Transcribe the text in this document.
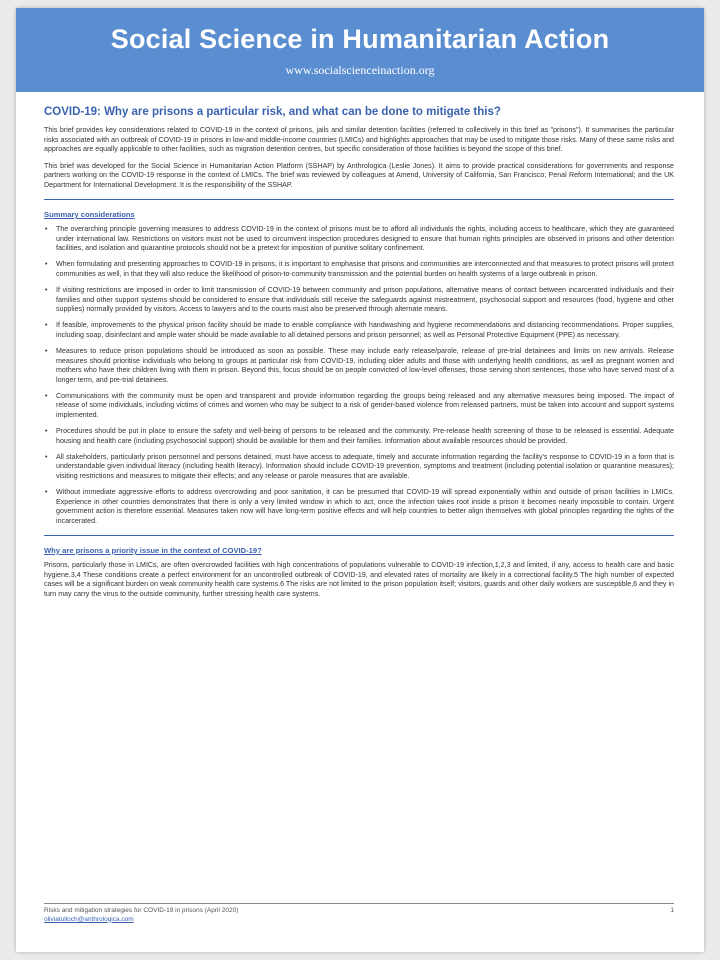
Social Science in Humanitarian Action
www.socialscienceinaction.org
COVID-19: Why are prisons a particular risk, and what can be done to mitigate this?

This brief provides key considerations related to COVID-19 in the context of prisons, jails and similar detention facilities (referred to collectively in this brief as "prisons"). It summarises the particular risks associated with an outbreak of COVID-19 in prisons in low-and middle-income countries (LMICs) and highlights approaches that may be used to mitigate those risks. Many of these same risks and approaches are equally applicable to other facilities, such as migration detention centres, but specific consideration of those facilities is beyond the scope of this brief.

This brief was developed for the Social Science in Humanitarian Action Platform (SSHAP) by Anthrologica (Leslie Jones). It aims to provide practical considerations for governments and response partners working on the COVID-19 response in the context of LMICs. The brief was reviewed by colleagues at Amend, University of California, San Francisco; Penal Reform International; and the UK Department for International Development. It is the responsibility of the SSHAP.

Summary considerations
• The overarching principle governing measures to address COVID-19 in the context of prisons must be to afford all individuals the rights, including access to healthcare, which they are guaranteed under international law. Restrictions on visitors must not be used to circumvent inspection procedures designed to ensure that human rights principles are observed in prisons and other detention facilities, and isolation and quarantine protocols should not be a pretext for imposition of punitive solitary confinement.
• When formulating and presenting approaches to COVID-19 in prisons, it is important to emphasise that prisons and communities are interconnected and that measures to protect prisons will protect communities as well, in that they will also reduce the likelihood of prison-to-community transmission and the potential burden on health systems of a large outbreak in prison.
• If visiting restrictions are imposed in order to limit transmission of COVID-19 between community and prison populations, alternative means of contact between incarcerated individuals and their families and other support systems should be considered to ensure that individuals still receive the safeguards against mistreatment, psychosocial support and resources (food, hygiene and other supplies) normally provided by visitors. Access to lawyers and to the courts must also be preserved through alternate means.
• If feasible, improvements to the physical prison facility should be made to enable compliance with handwashing and hygiene recommendations and distancing recommendations. Proper supplies, including soap, disinfectant and ample water should be made available to all detained persons and prison personnel; as well as Personal Protective Equipment (PPE) as necessary.
• Measures to reduce prison populations should be introduced as soon as possible. These may include early release/parole, release of pre-trial detainees and limits on new arrivals. Release measures should prioritise individuals who belong to groups at particular risk from COVID-19, including older adults and those with underlying health conditions, as well as pregnant women and mothers who have their children living with them in prison. Beyond this, focus should be on people convicted of low-level offenses, those serving short sentences, those who have served most of a longer term, and pre-trial detainees.
• Communications with the community must be open and transparent and provide information regarding the groups being released and any alternative measures being imposed. The impact of release of some individuals, including victims of crimes and women who may be subject to a risk of gender-based violence from released partners, must be taken into account and support systems implemented.
• Procedures should be put in place to ensure the safety and well-being of persons to be released and the community. Pre-release health screening of those to be released is essential. Adequate housing and health care (including psychosocial support) should be available for them and their families. Information about available resources should be provided.
• All stakeholders, particularly prison personnel and persons detained, must have access to adequate, timely and accurate information regarding the facility's response to COVID-19 in a form that is understandable given individual literacy (including health literacy). Information should include COVID-19 prevention, symptoms and treatment (including potential isolation or quarantine measures); visiting restrictions and measures to mitigate their effects; and any release or parole measures that are available.
• Without immediate aggressive efforts to address overcrowding and poor sanitation, it can be presumed that COVID-19 will spread exponentially within and outside of prison facilities in LMICs. Experience in other countries demonstrates that there is only a very limited window in which to act, once the infection takes root inside a prison it becomes nearly impossible to contain. Urgent government action is therefore essential. Measures taken now will have long-term positive effects and will help countries to better align themselves with global principles regarding the rights of the incarcerated.
Why are prisons a priority issue in the context of COVID-19?

Prisons, particularly those in LMICs, are often overcrowded facilities with high concentrations of populations vulnerable to COVID-19 infection,1,2,3 and limited, if any, access to health care and basic hygiene.3,4 These conditions create a perfect environment for an uncontrolled outbreak of COVID-19, and elevated rates of mortality are likely in a correctional facility.5 The high number of expected cases will be a significant burden on weak community health care systems.6 The risks are not limited to the prison population itself; visitors, guards and other daily workers are susceptible,6 and they in turn may carry the virus to the outside community, further stressing health care systems.

Risks and mitigation strategies for COVID-19 in prisons (April 2020)	1
oliviatulloch@anthrologica.com
